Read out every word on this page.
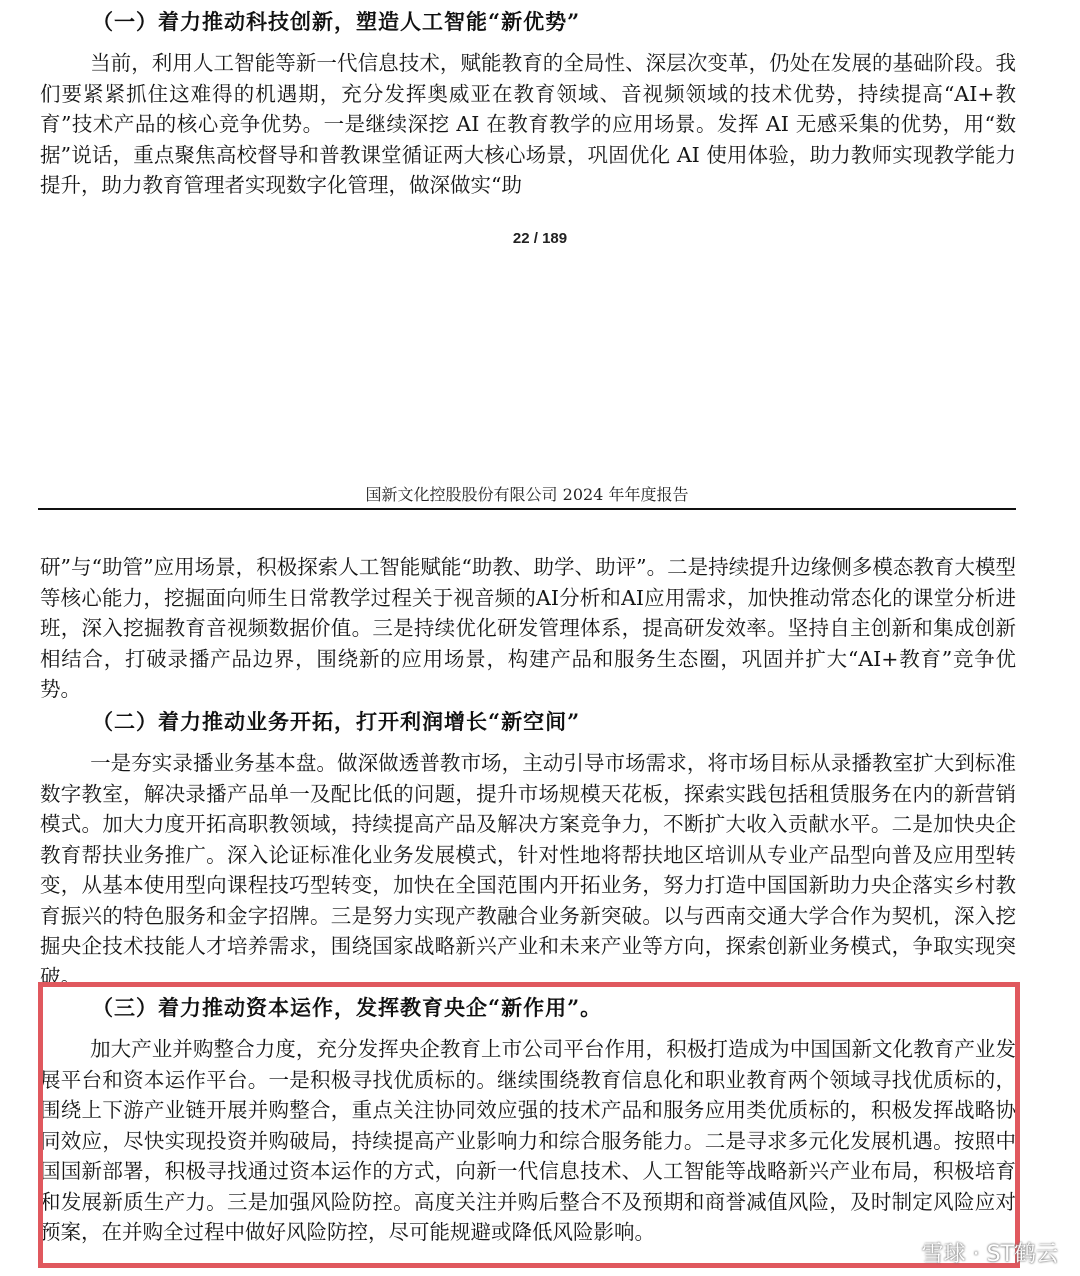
（一）着力推动科技创新，塑造人工智能“新优势”

当前，利用人工智能等新一代信息技术，赋能教育的全局性、深层次变革，仍处在发展的基础阶段。我们要紧紧抓住这难得的机遇期，充分发挥奥威亚在教育领域、音视频领域的技术优势，持续提高“AI+教育”技术产品的核心竞争优势。一是继续深挖 AI 在教育教学的应用场景。发挥 AI 无感采集的优势，用“数据”说话，重点聚焦高校督导和普教课堂循证两大核心场景，巩固优化 AI 使用体验，助力教师实现教学能力提升，助力教育管理者实现数字化管理，做深做实“助

22 / 189
国新文化控股股份有限公司 2024 年年度报告

研”与“助管”应用场景，积极探索人工智能赋能“助教、助学、助评”。二是持续提升边缘侧多模态教育大模型等核心能力，挖掘面向师生日常教学过程关于视音频的AI分析和AI应用需求，加快推动常态化的课堂分析进班，深入挖掘教育音视频数据价值。三是持续优化研发管理体系，提高研发效率。坚持自主创新和集成创新相结合，打破录播产品边界，围绕新的应用场景，构建产品和服务生态圈，巩固并扩大“AI+教育”竞争优势。

（二）着力推动业务开拓，打开利润增长“新空间”

一是夯实录播业务基本盘。做深做透普教市场，主动引导市场需求，将市场目标从录播教室扩大到标准数字教室，解决录播产品单一及配比低的问题，提升市场规模天花板，探索实践包括租赁服务在内的新营销模式。加大力度开拓高职教领域，持续提高产品及解决方案竞争力，不断扩大收入贡献水平。二是加快央企教育帮扶业务推广。深入论证标准化业务发展模式，针对性地将帮扶地区培训从专业产品型向普及应用型转变，从基本使用型向课程技巧型转变，加快在全国范围内开拓业务，努力打造中国国新助力央企落实乡村教育振兴的特色服务和金字招牌。三是努力实现产教融合业务新突破。以与西南交通大学合作为契机，深入挖掘央企技术技能人才培养需求，围绕国家战略新兴产业和未来产业等方向，探索创新业务模式，争取实现突破。

（三）着力推动资本运作，发挥教育央企“新作用”。

加大产业并购整合力度，充分发挥央企教育上市公司平台作用，积极打造成为中国国新文化教育产业发展平台和资本运作平台。一是积极寻找优质标的。继续围绕教育信息化和职业教育两个领域寻找优质标的，围绕上下游产业链开展并购整合，重点关注协同效应强的技术产品和服务应用类优质标的，积极发挥战略协同效应，尽快实现投资并购破局，持续提高产业影响力和综合服务能力。二是寻求多元化发展机遇。按照中国国新部署，积极寻找通过资本运作的方式，向新一代信息技术、人工智能等战略新兴产业布局，积极培育和发展新质生产力。三是加强风险防控。高度关注并购后整合不及预期和商誉减值风险，及时制定风险应对预案，在并购全过程中做好风险防控，尽可能规避或降低风险影响。

雪球 · ST鹤云
